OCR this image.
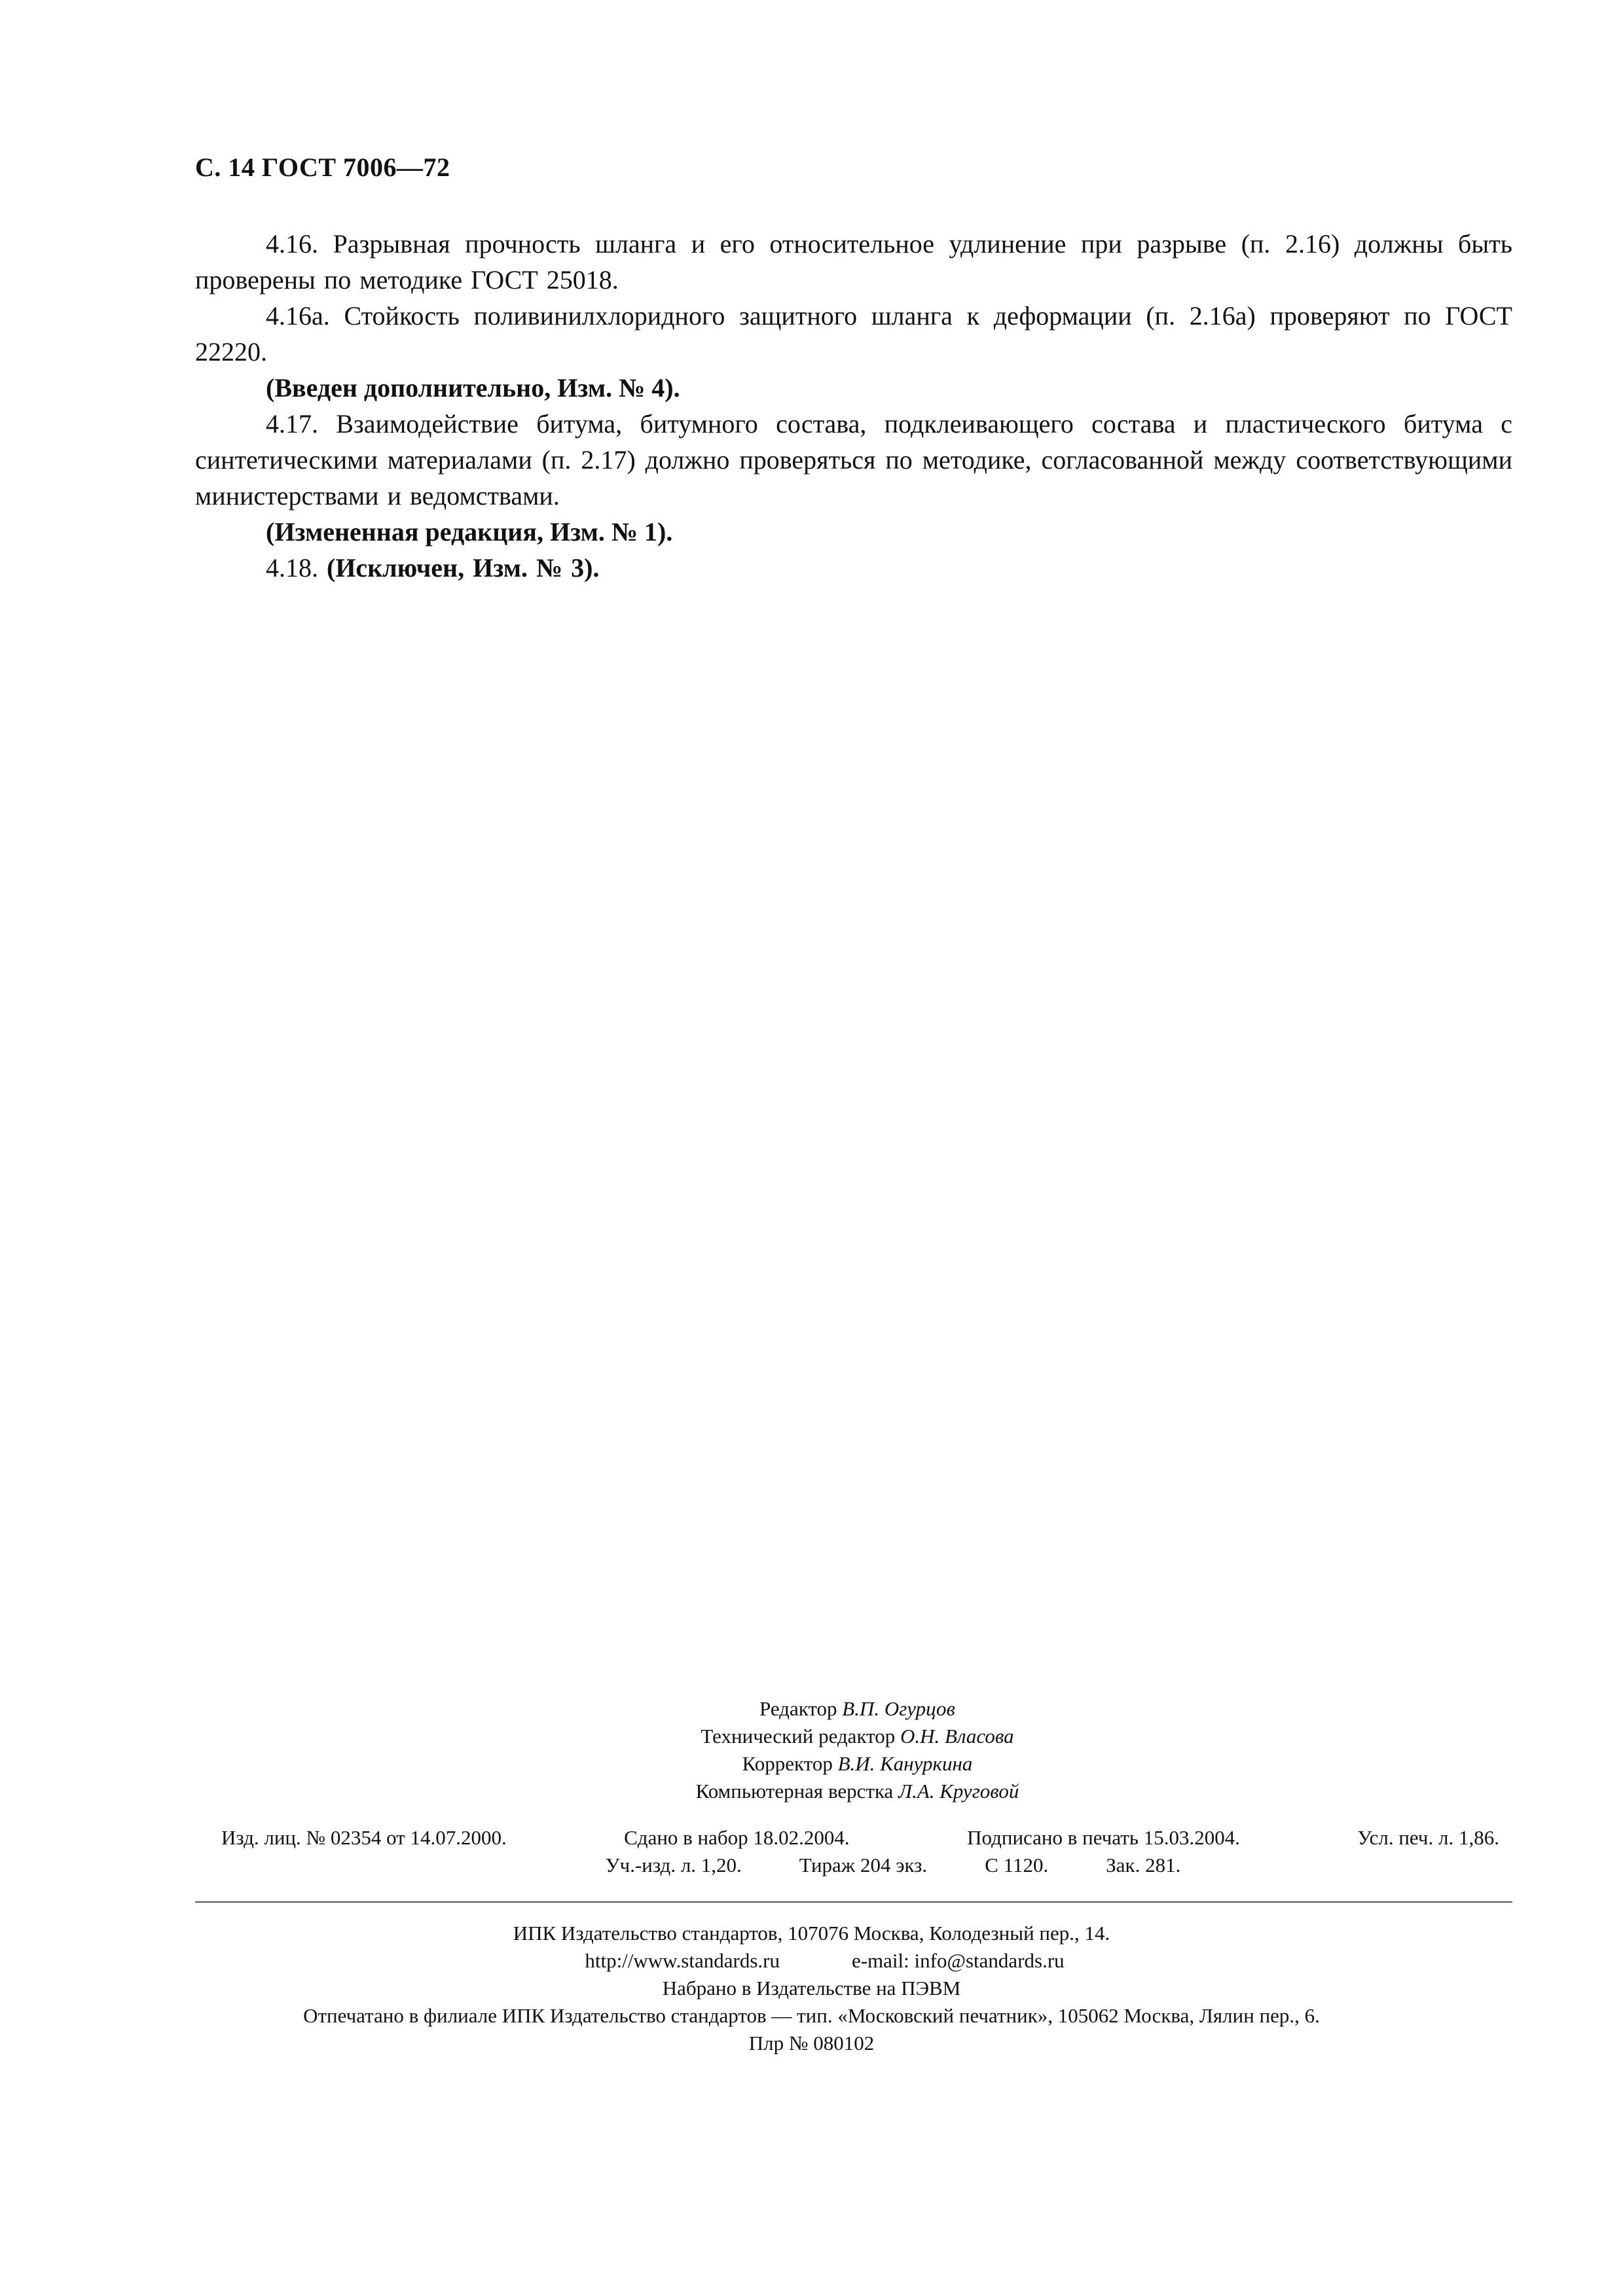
С. 14 ГОСТ 7006—72

4.16. Разрывная прочность шланга и его относительное удлинение при разрыве (п. 2.16) должны быть проверены по методике ГОСТ 25018.

4.16а. Стойкость поливинилхлоридного защитного шланга к деформации (п. 2.16а) проверяют по ГОСТ 22220.

(Введен дополнительно, Изм. № 4).

4.17. Взаимодействие битума, битумного состава, подклеивающего состава и пластического битума с синтетическими материалами (п. 2.17) должно проверяться по методике, согласованной между соответствующими министерствами и ведомствами.

(Измененная редакция, Изм. № 1).

4.18. (Исключен, Изм. № 3).

Редактор В.П. Огурцов
Технический редактор О.Н. Власова
Корректор В.И. Кануркина
Компьютерная верстка Л.А. Круговой
Изд. лиц. № 02354 от 14.07.2000.	Сдано в набор 18.02.2004.	Подписано в печать 15.03.2004.	Усл. печ. л. 1,86.
Уч.-изд. л. 1,20.	Тираж 204 экз.	С 1120.	Зак. 281.
ИПК Издательство стандартов, 107076 Москва, Колодезный пер., 14.
http://www.standards.ru	e-mail: info@standards.ru
Набрано в Издательстве на ПЭВМ
Отпечатано в филиале ИПК Издательство стандартов — тип. «Московский печатник», 105062 Москва, Лялин пер., 6.
Плр № 080102
